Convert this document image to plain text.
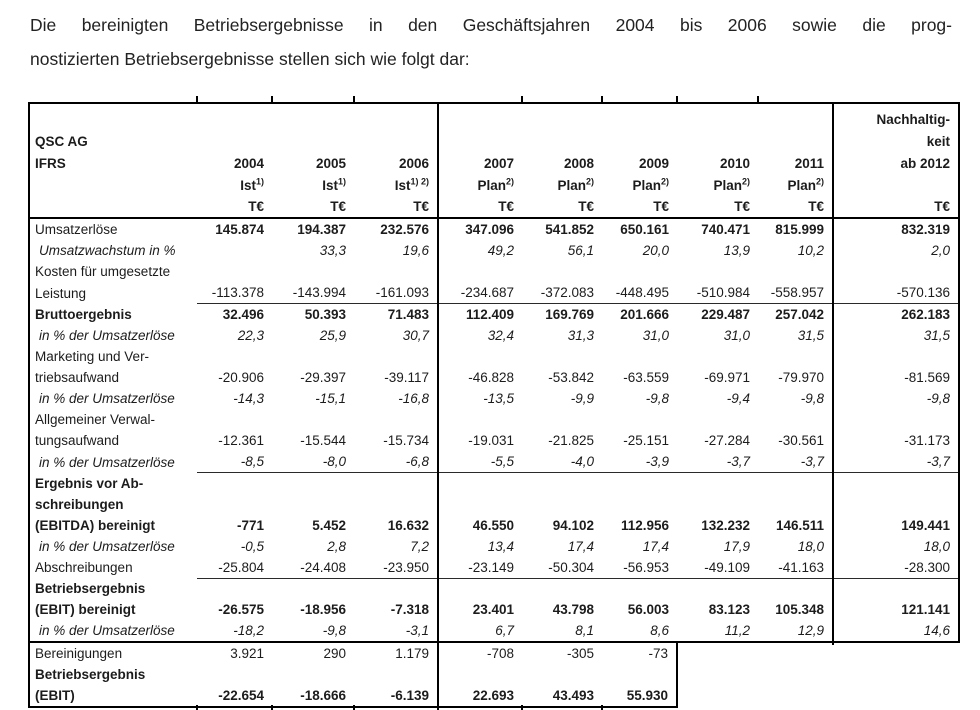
Die bereinigten Betriebsergebnisse in den Geschäftsjahren 2004 bis 2006 sowie die prog-
nostizierten Betriebsergebnisse stellen sich wie folgt dar:
									Nachhaltig-
QSC AG									keit
IFRS	2004	2005	2006	2007	2008	2009	2010	2011	ab 2012
	Ist$^{1)}$	Ist$^{1)}$	Ist$^{1) 2)}$	Plan$^{2)}$	Plan$^{2)}$	Plan$^{2)}$	Plan$^{2)}$	Plan$^{2)}$	
	T€	T€	T€	T€	T€	T€	T€	T€	T€
Umsatzerlöse	145.874	194.387	232.576	347.096	541.852	650.161	740.471	815.999	832.319
Umsatzwachstum in %		33,3	19,6	49,2	56,1	20,0	13,9	10,2	2,0
Kosten für umgesetzte									
Leistung	-113.378	-143.994	-161.093	-234.687	-372.083	-448.495	-510.984	-558.957	-570.136
Bruttoergebnis	32.496	50.393	71.483	112.409	169.769	201.666	229.487	257.042	262.183
in % der Umsatzerlöse	22,3	25,9	30,7	32,4	31,3	31,0	31,0	31,5	31,5
Marketing und Ver-									
triebsaufwand	-20.906	-29.397	-39.117	-46.828	-53.842	-63.559	-69.971	-79.970	-81.569
in % der Umsatzerlöse	-14,3	-15,1	-16,8	-13,5	-9,9	-9,8	-9,4	-9,8	-9,8
Allgemeiner Verwal-									
tungsaufwand	-12.361	-15.544	-15.734	-19.031	-21.825	-25.151	-27.284	-30.561	-31.173
in % der Umsatzerlöse	-8,5	-8,0	-6,8	-5,5	-4,0	-3,9	-3,7	-3,7	-3,7
Ergebnis vor Ab-									
schreibungen									
(EBITDA) bereinigt	-771	5.452	16.632	46.550	94.102	112.956	132.232	146.511	149.441
in % der Umsatzerlöse	-0,5	2,8	7,2	13,4	17,4	17,4	17,9	18,0	18,0
Abschreibungen	-25.804	-24.408	-23.950	-23.149	-50.304	-56.953	-49.109	-41.163	-28.300
Betriebsergebnis									
(EBIT) bereinigt	-26.575	-18.956	-7.318	23.401	43.798	56.003	83.123	105.348	121.141
in % der Umsatzerlöse	-18,2	-9,8	-3,1	6,7	8,1	8,6	11,2	12,9	14,6
Bereinigungen	3.921	290	1.179	-708	-305	-73
Betriebsergebnis						
(EBIT)	-22.654	-18.666	-6.139	22.693	43.493	55.930
